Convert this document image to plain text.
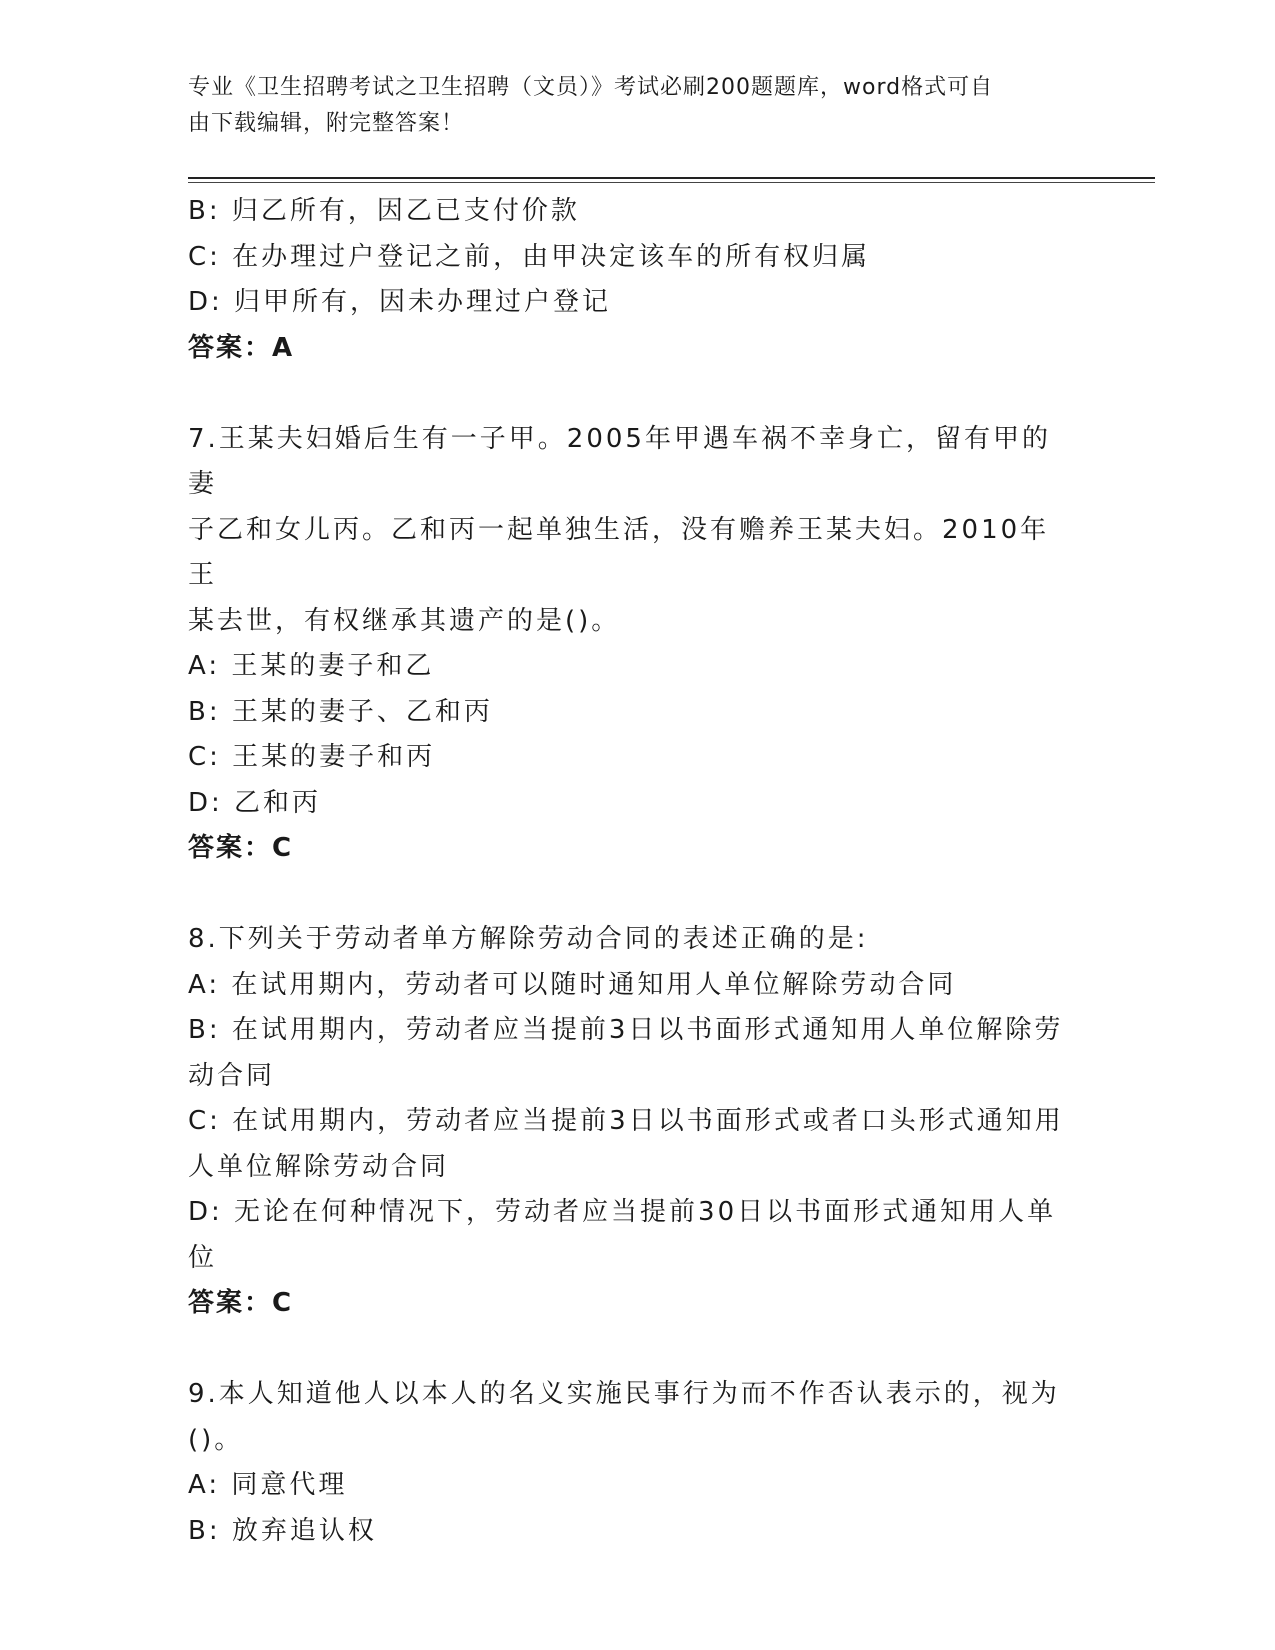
专业《卫生招聘考试之卫生招聘（文员）》考试必刷200题题库，word格式可自
由下载编辑，附完整答案！
B: 归乙所有，因乙已支付价款
C: 在办理过户登记之前，由甲决定该车的所有权归属
D: 归甲所有，因未办理过户登记
答案：A
7.王某夫妇婚后生有一子甲。2005年甲遇车祸不幸身亡，留有甲的妻
子乙和女儿丙。乙和丙一起单独生活，没有赡养王某夫妇。2010年王
某去世，有权继承其遗产的是()。
A: 王某的妻子和乙
B: 王某的妻子、乙和丙
C: 王某的妻子和丙
D: 乙和丙
答案：C
8.下列关于劳动者单方解除劳动合同的表述正确的是:
A: 在试用期内，劳动者可以随时通知用人单位解除劳动合同
B: 在试用期内，劳动者应当提前3日以书面形式通知用人单位解除劳
动合同
C: 在试用期内，劳动者应当提前3日以书面形式或者口头形式通知用
人单位解除劳动合同
D: 无论在何种情况下，劳动者应当提前30日以书面形式通知用人单
位
答案：C
9.本人知道他人以本人的名义实施民事行为而不作否认表示的，视为
()。
A: 同意代理
B: 放弃追认权
